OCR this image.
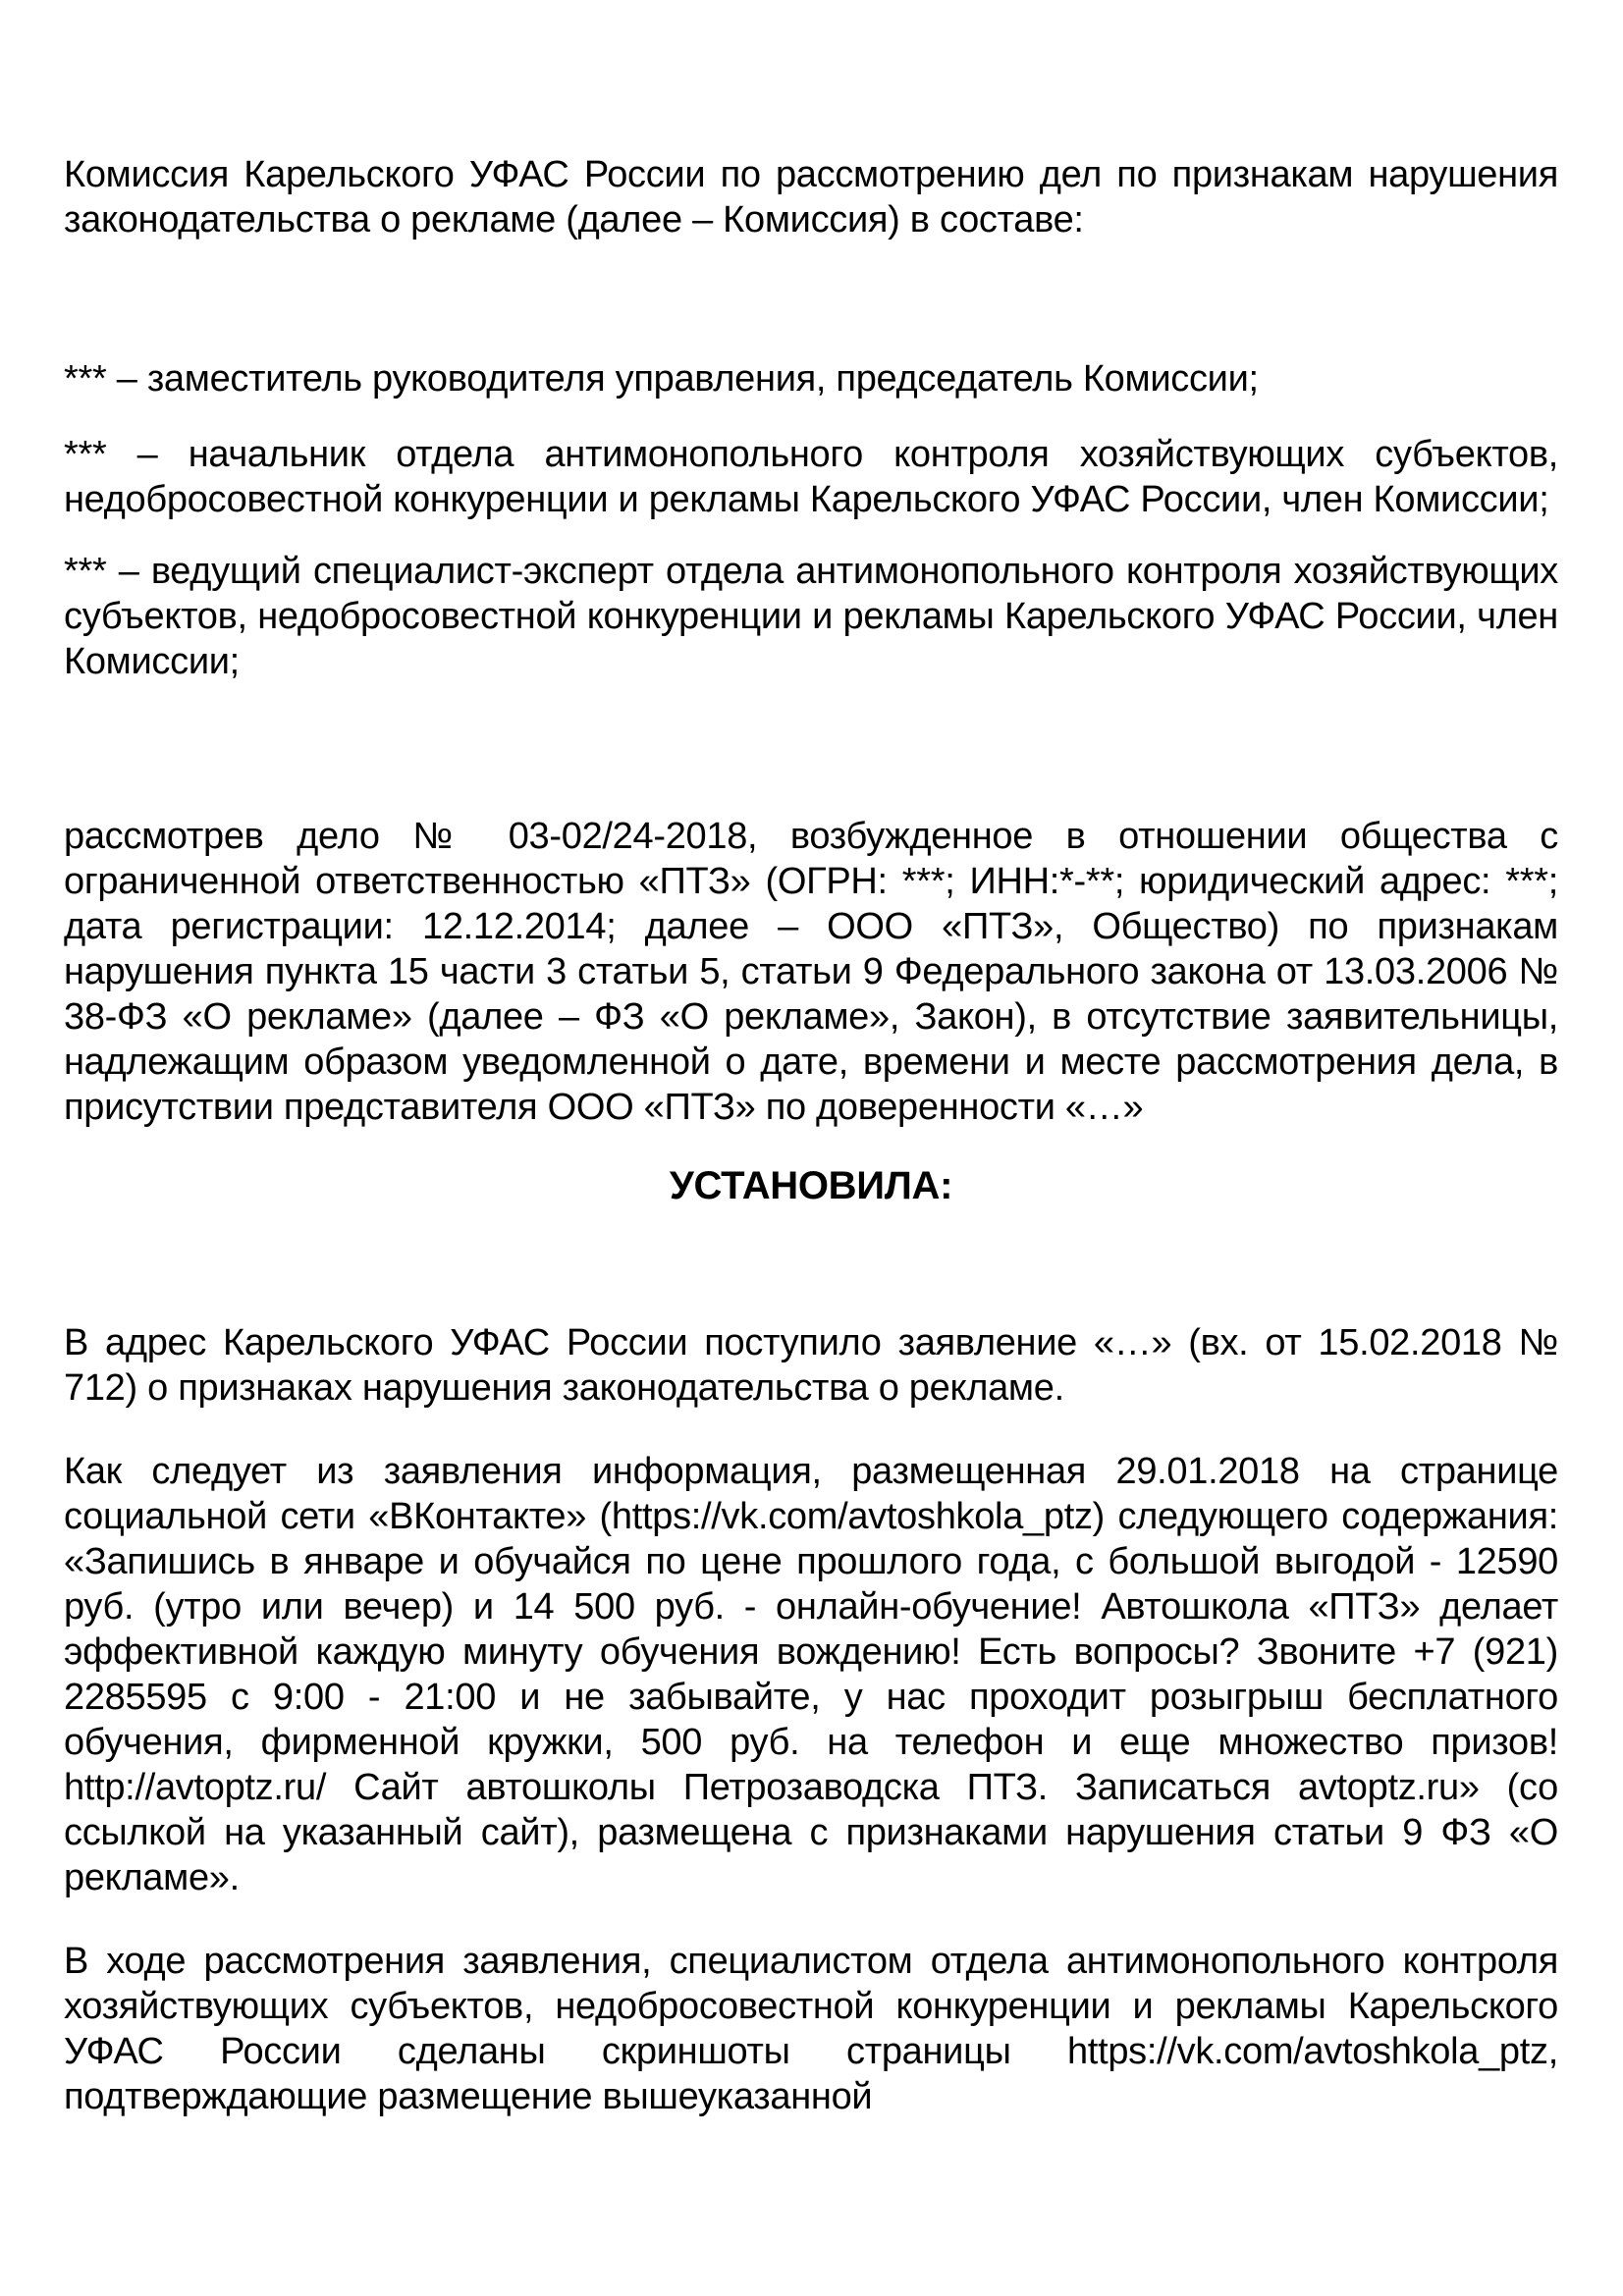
Комиссия Карельского УФАС России по рассмотрению дел по признакам нарушения законодательства о рекламе (далее – Комиссия) в составе:

*** – заместитель руководителя управления, председатель Комиссии;

*** – начальник отдела антимонопольного контроля хозяйствующих субъектов, недобросовестной конкуренции и рекламы Карельского УФАС России, член Комиссии;

*** – ведущий специалист-эксперт отдела антимонопольного контроля хозяйствующих субъектов, недобросовестной конкуренции и рекламы Карельского УФАС России, член Комиссии;

рассмотрев дело № 03-02/24-2018, возбужденное в отношении общества с ограниченной ответственностью «ПТЗ» (ОГРН: ***; ИНН:*-**; юридический адрес: ***; дата регистрации: 12.12.2014; далее – ООО «ПТЗ», Общество) по признакам нарушения пункта 15 части 3 статьи 5, статьи 9 Федерального закона от 13.03.2006 № 38-ФЗ «О рекламе» (далее – ФЗ «О рекламе», Закон), в отсутствие заявительницы, надлежащим образом уведомленной о дате, времени и месте рассмотрения дела, в присутствии представителя ООО «ПТЗ» по доверенности «…»

УСТАНОВИЛА:

В адрес Карельского УФАС России поступило заявление «…» (вх. от 15.02.2018 № 712) о признаках нарушения законодательства о рекламе.

Как следует из заявления информация, размещенная 29.01.2018 на странице социальной сети «ВКонтакте» (https://vk.com/avtoshkola_ptz) следующего содержания: «Запишись в январе и обучайся по цене прошлого года, с большой выгодой - 12590 руб. (утро или вечер) и 14 500 руб. - онлайн-обучение! Автошкола «ПТЗ» делает эффективной каждую минуту обучения вождению! Есть вопросы? Звоните +7 (921) 2285595 с 9:00 - 21:00 и не забывайте, у нас проходит розыгрыш бесплатного обучения, фирменной кружки, 500 руб. на телефон и еще множество призов! http://avtoptz.ru/ Сайт автошколы Петрозаводска ПТЗ. Записаться avtoptz.ru» (со ссылкой на указанный сайт), размещена с признаками нарушения статьи 9 ФЗ «О рекламе».

В ходе рассмотрения заявления, специалистом отдела антимонопольного контроля хозяйствующих субъектов, недобросовестной конкуренции и рекламы Карельского УФАС России сделаны скриншоты страницы https://vk.com/avtoshkola_ptz, подтверждающие размещение вышеуказанной
